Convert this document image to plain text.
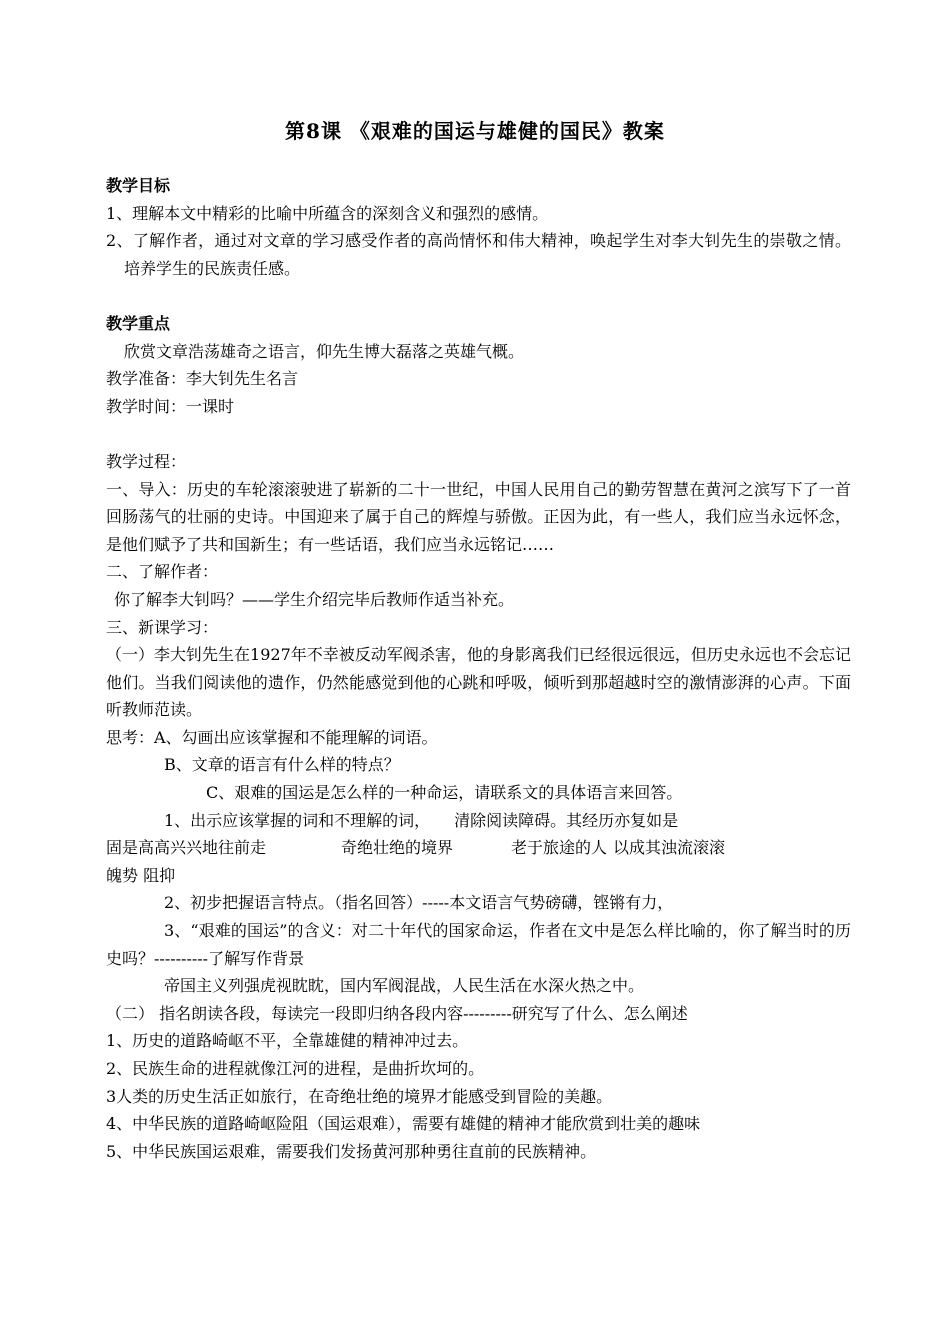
第8课 《艰难的国运与雄健的国民》教案
教学目标
1、理解本文中精彩的比喻中所蕴含的深刻含义和强烈的感情。
2、了解作者，通过对文章的学习感受作者的高尚情怀和伟大精神，唤起学生对李大钊先生的崇敬之情。培养学生的民族责任感。
教学重点
欣赏文章浩荡雄奇之语言，仰先生博大磊落之英雄气概。
教学准备：李大钊先生名言
教学时间：一课时
教学过程：
一、导入：历史的车轮滚滚驶进了崭新的二十一世纪，中国人民用自己的勤劳智慧在黄河之滨写下了一首回肠荡气的壮丽的史诗。中国迎来了属于自己的辉煌与骄傲。正因为此，有一些人，我们应当永远怀念，是他们赋予了共和国新生；有一些话语，我们应当永远铭记……
二、了解作者：
你了解李大钊吗？——学生介绍完毕后教师作适当补充。
三、新课学习：
（一）李大钊先生在1927年不幸被反动军阀杀害，他的身影离我们已经很远很远，但历史永远也不会忘记他们。当我们阅读他的遗作，仍然能感觉到他的心跳和呼吸，倾听到那超越时空的激情澎湃的心声。下面听教师范读。
思考：A、勾画出应该掌握和不能理解的词语。
B、文章的语言有什么样的特点？
C、艰难的国运是怎么样的一种命运，请联系文的具体语言来回答。
1、出示应该掌握的词和不理解的词，　　清除阅读障碍。其经历亦复如是
固是高高兴兴地往前走	奇绝壮绝的境界	老于旅途的人 以成其浊流滚滚
魄势 阻抑
2、初步把握语言特点。（指名回答）-----本文语言气势磅礴，铿锵有力，
3、“艰难的国运”的含义：对二十年代的国家命运，作者在文中是怎么样比喻的，你了解当时的历史吗？----------了解写作背景
帝国主义列强虎视眈眈，国内军阀混战，人民生活在水深火热之中。
（二） 指名朗读各段，每读完一段即归纳各段内容---------研究写了什么、怎么阐述
1、历史的道路崎岖不平，全靠雄健的精神冲过去。
2、民族生命的进程就像江河的进程，是曲折坎坷的。
3人类的历史生活正如旅行，在奇绝壮绝的境界才能感受到冒险的美趣。
4、中华民族的道路崎岖险阻（国运艰难），需要有雄健的精神才能欣赏到壮美的趣味
5、中华民族国运艰难，需要我们发扬黄河那种勇往直前的民族精神。
